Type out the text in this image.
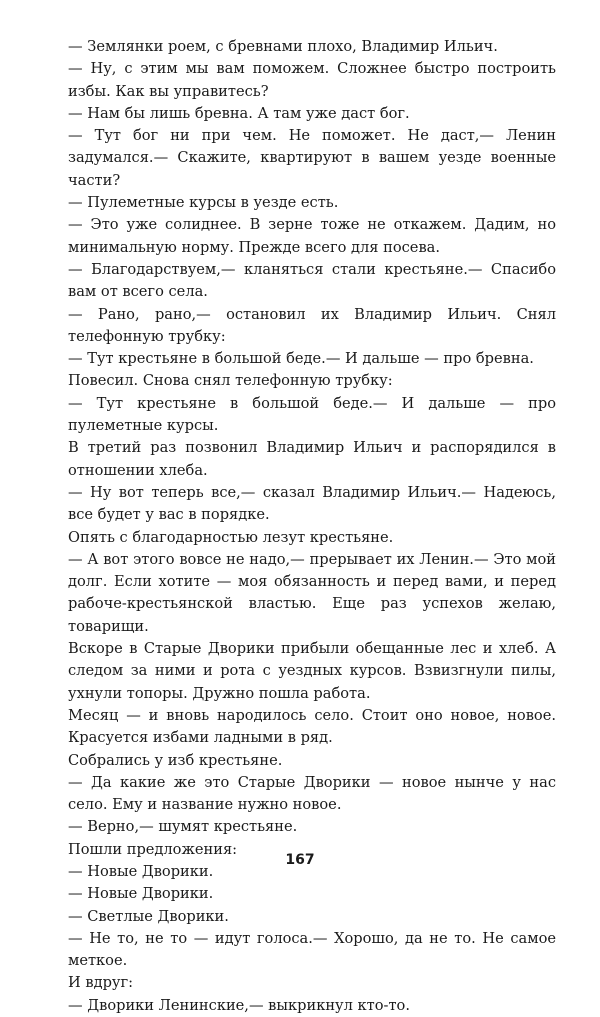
— Землянки роем, с бревнами плохо, Владимир Ильич.

— Ну, с этим мы вам поможем. Сложнее быстро построить избы. Как вы управитесь?

— Нам бы лишь бревна. А там уже даст бог.

— Тут бог ни при чем. Не поможет. Не даст,— Ленин задумался.— Скажите, квартируют в вашем уезде военные части?

— Пулеметные курсы в уезде есть.

— Это уже солиднее. В зерне тоже не откажем. Дадим, но минимальную норму. Прежде всего для посева.

— Благодарствуем,— кланяться стали крестьяне.— Спасибо вам от всего села.

— Рано, рано,— остановил их Владимир Ильич. Снял телефонную трубку:

— Тут крестьяне в большой беде.— И дальше — про бревна.

Повесил. Снова снял телефонную трубку:

— Тут крестьяне в большой беде.— И дальше — про пулеметные курсы.

В третий раз позвонил Владимир Ильич и распорядился в отношении хлеба.

— Ну вот теперь все,— сказал Владимир Ильич.— Надеюсь, все будет у вас в порядке.

Опять с благодарностью лезут крестьяне.

— А вот этого вовсе не надо,— прерывает их Ленин.— Это мой долг. Если хотите — моя обязанность и перед вами, и перед рабоче-крестьянской властью. Еще раз успехов желаю, товарищи.

Вскоре в Старые Дворики прибыли обещанные лес и хлеб. А следом за ними и рота с уездных курсов. Взвизгнули пилы, ухнули топоры. Дружно пошла работа.

Месяц — и вновь народилось село. Стоит оно новое, новое. Красуется избами ладными в ряд.

Собрались у изб крестьяне.

— Да какие же это Старые Дворики — новое нынче у нас село. Ему и название нужно новое.

— Верно,— шумят крестьяне.

Пошли предложения:

— Новые Дворики.

— Новые Дворики.

— Светлые Дворики.

— Не то, не то — идут голоса.— Хорошо, да не то. Не самое меткое.

И вдруг:

— Дворики Ленинские,— выкрикнул кто-то.

167
